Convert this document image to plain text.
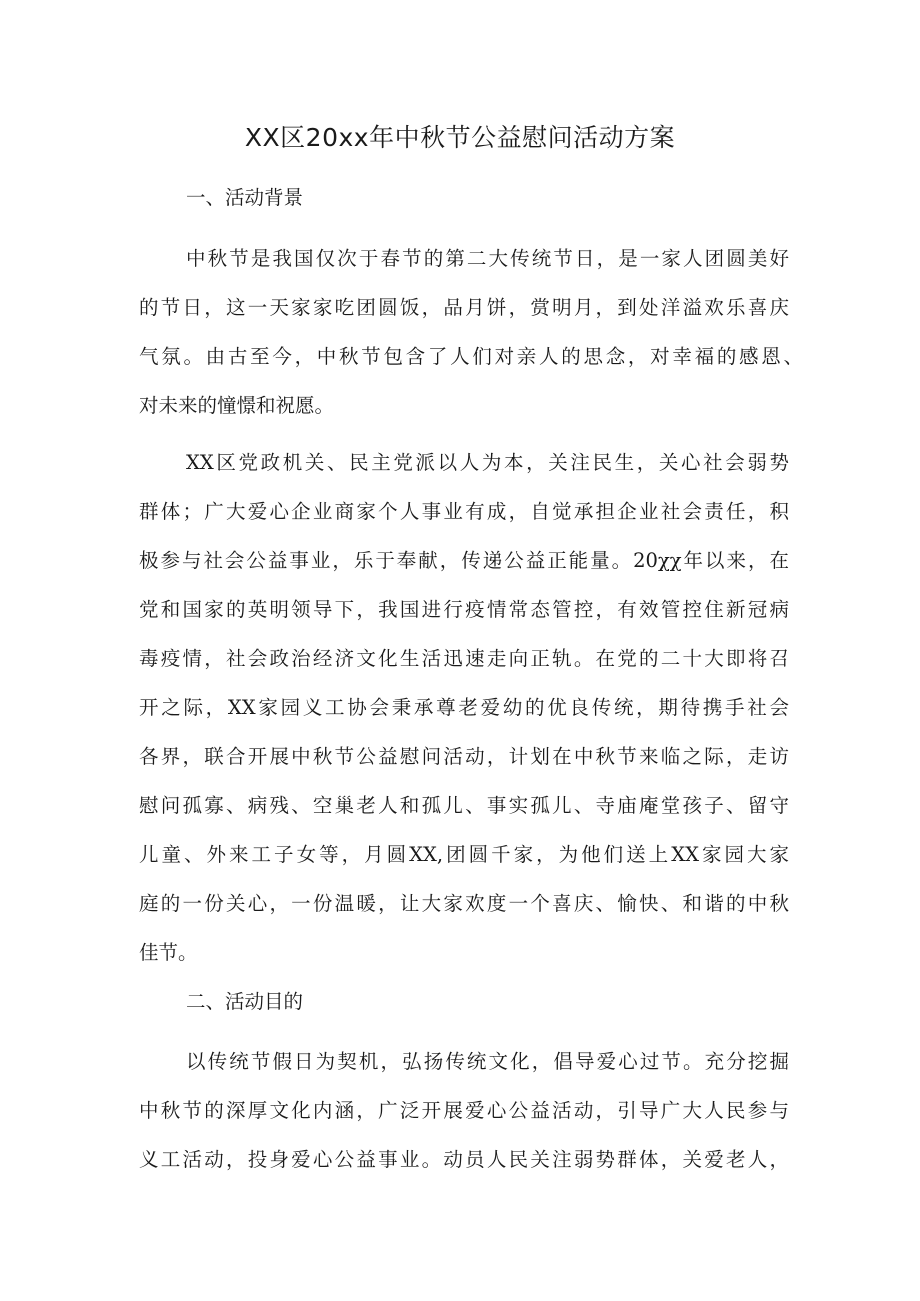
XX区20xx年中秋节公益慰问活动方案
一、活动背景
中秋节是我国仅次于春节的第二大传统节日，是一家人团圆美好
的节日，这一天家家吃团圆饭，品月饼，赏明月，到处洋溢欢乐喜庆
气氛。由古至今，中秋节包含了人们对亲人的思念，对幸福的感恩、
对未来的憧憬和祝愿。
XX区党政机关、民主党派以人为本，关注民生，关心社会弱势
群体；广大爱心企业商家个人事业有成，自觉承担企业社会责任，积
极参与社会公益事业，乐于奉献，传递公益正能量。20χχ年以来，在
党和国家的英明领导下，我国进行疫情常态管控，有效管控住新冠病
毒疫情，社会政治经济文化生活迅速走向正轨。在党的二十大即将召
开之际，XX家园义工协会秉承尊老爱幼的优良传统，期待携手社会
各界，联合开展中秋节公益慰问活动，计划在中秋节来临之际，走访
慰问孤寡、病残、空巢老人和孤儿、事实孤儿、寺庙庵堂孩子、留守
儿童、外来工子女等，月圆XX,团圆千家，为他们送上XX家园大家
庭的一份关心，一份温暖，让大家欢度一个喜庆、愉快、和谐的中秋
佳节。
二、活动目的
以传统节假日为契机，弘扬传统文化，倡导爱心过节。充分挖掘
中秋节的深厚文化内涵，广泛开展爱心公益活动，引导广大人民参与
义工活动，投身爱心公益事业。动员人民关注弱势群体，关爱老人，
